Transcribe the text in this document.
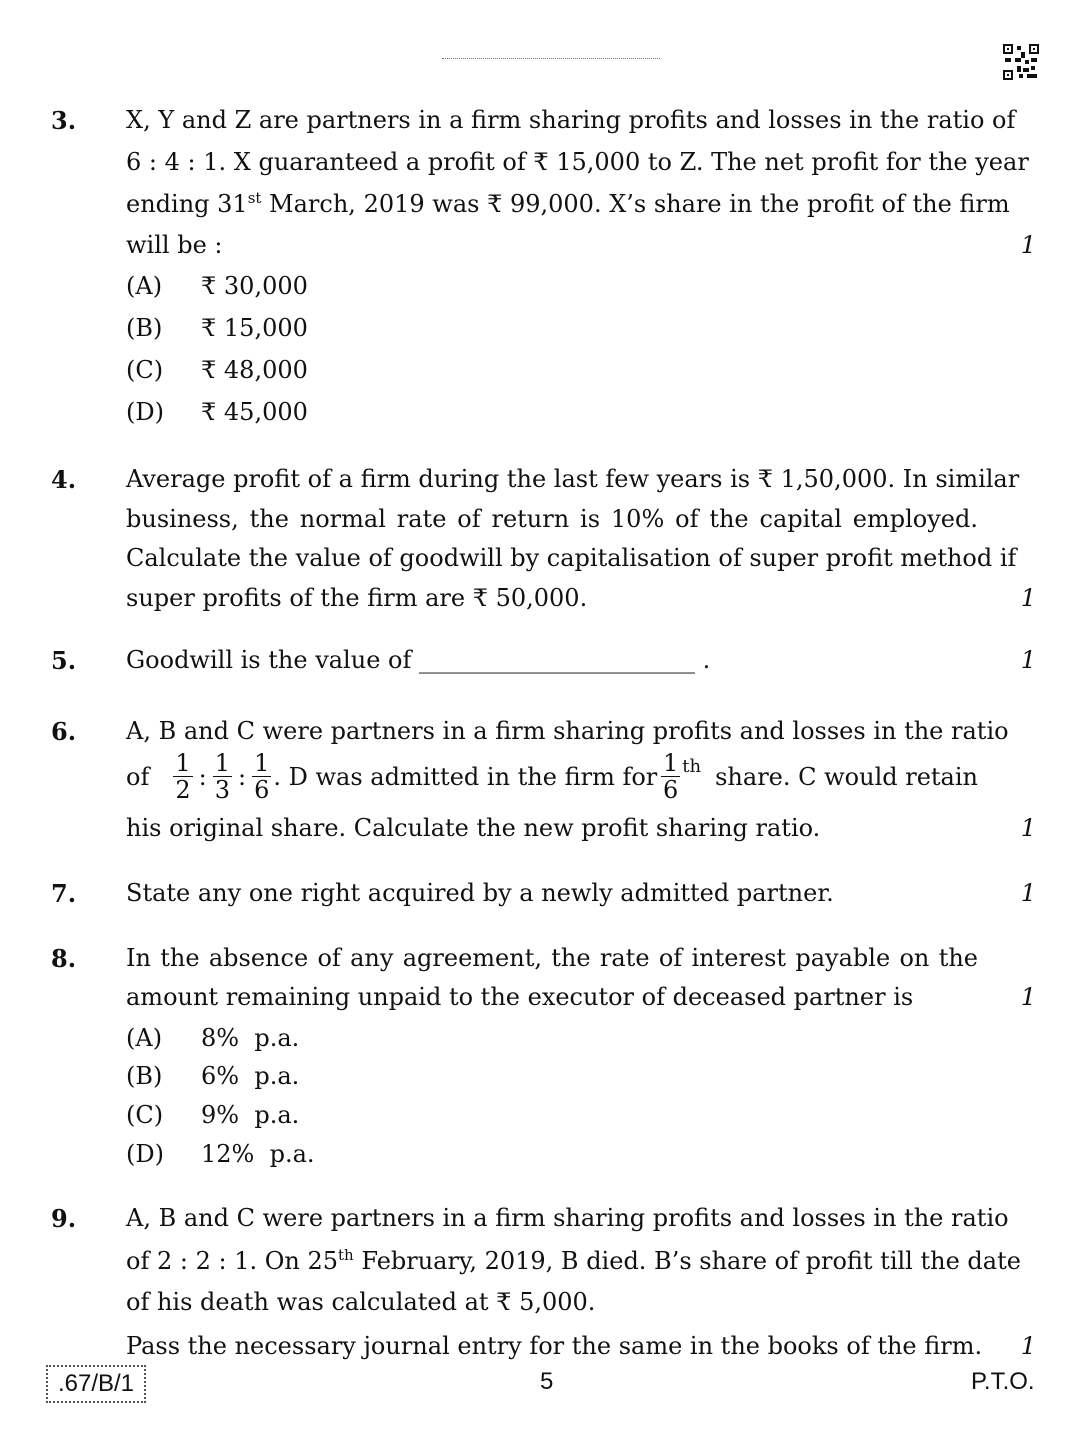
3. X, Y and Z are partners in a firm sharing profits and losses in the ratio of
6 : 4 : 1. X guaranteed a profit of ₹ 15,000 to Z. The net profit for the year
ending 31st March, 2019 was ₹ 99,000. X’s share in the profit of the firm
will be :	1
(A) ₹ 30,000
(B) ₹ 15,000
(C) ₹ 48,000
(D) ₹ 45,000
4. Average profit of a firm during the last few years is ₹ 1,50,000. In similar
business, the normal rate of return is 10% of the capital employed.
Calculate the value of goodwill by capitalisation of super profit method if
super profits of the firm are ₹ 50,000.	1
5. Goodwill is the value of _______________________ .	1
6. A, B and C were partners in a firm sharing profits and losses in the ratio
of $\frac{1}{2}$ : $\frac{1}{3}$ : $\frac{1}{6}$ . D was admitted in the firm for $\frac{1}{6}$ th share. C would retain
his original share. Calculate the new profit sharing ratio.	1
7. State any one right acquired by a newly admitted partner.	1
8. In the absence of any agreement, the rate of interest payable on the
amount remaining unpaid to the executor of deceased partner is	1
(A) 8%  p.a.
(B) 6%  p.a.
(C) 9%  p.a.
(D) 12%  p.a.
9. A, B and C were partners in a firm sharing profits and losses in the ratio
of 2 : 2 : 1. On 25th February, 2019, B died. B’s share of profit till the date
of his death was calculated at ₹ 5,000.
Pass the necessary journal entry for the same in the books of the firm. 1
.67/B/1	5	P.T.O.
